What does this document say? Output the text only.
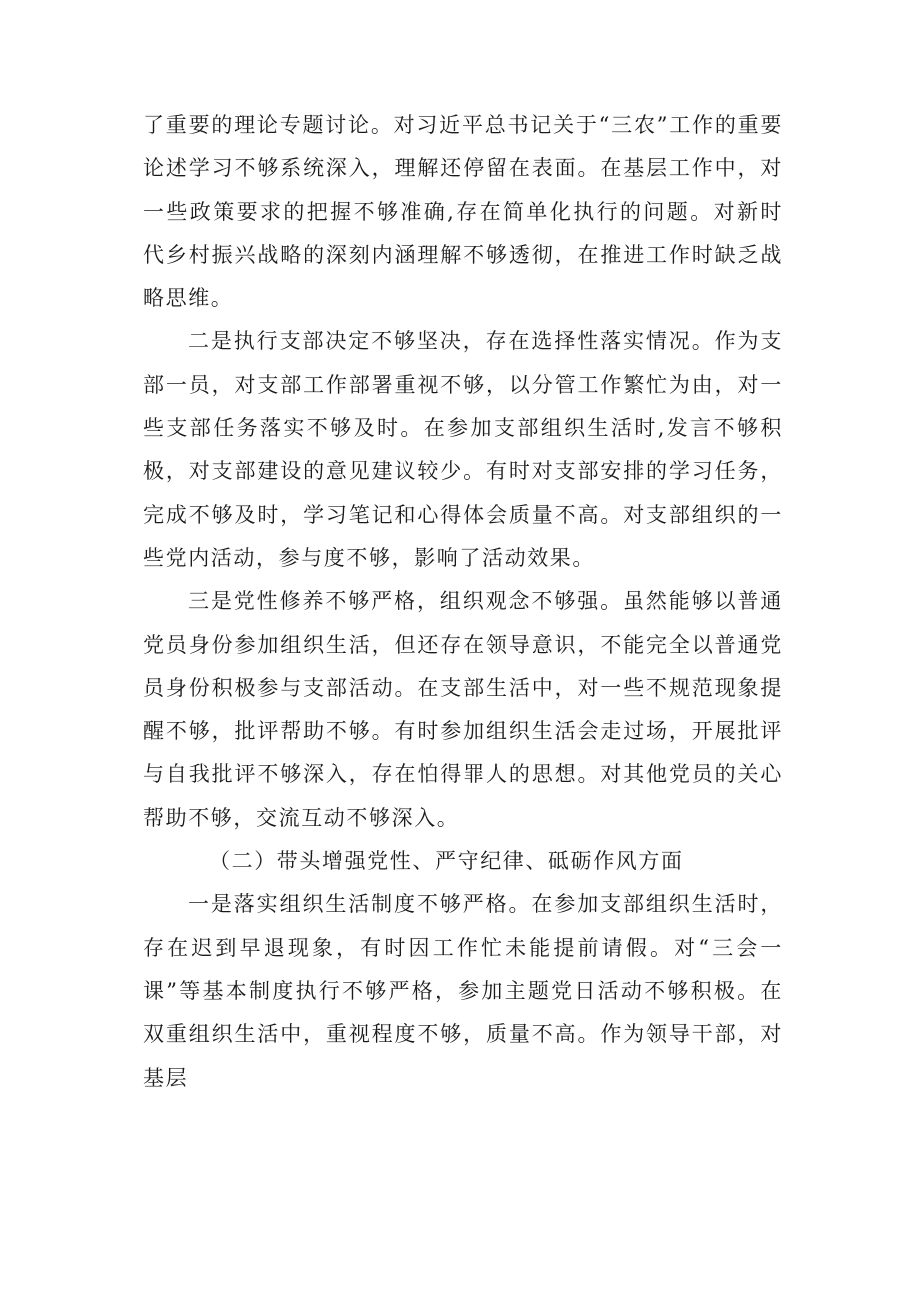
了重要的理论专题讨论。对习近平总书记关于“三农”工作的重要论述学习不够系统深入，理解还停留在表面。在基层工作中，对一些政策要求的把握不够准确,存在简单化执行的问题。对新时代乡村振兴战略的深刻内涵理解不够透彻，在推进工作时缺乏战略思维。

二是执行支部决定不够坚决，存在选择性落实情况。作为支部一员，对支部工作部署重视不够，以分管工作繁忙为由，对一些支部任务落实不够及时。在参加支部组织生活时,发言不够积极，对支部建设的意见建议较少。有时对支部安排的学习任务，完成不够及时，学习笔记和心得体会质量不高。对支部组织的一些党内活动，参与度不够，影响了活动效果。

三是党性修养不够严格，组织观念不够强。虽然能够以普通党员身份参加组织生活，但还存在领导意识，不能完全以普通党员身份积极参与支部活动。在支部生活中，对一些不规范现象提醒不够，批评帮助不够。有时参加组织生活会走过场，开展批评与自我批评不够深入，存在怕得罪人的思想。对其他党员的关心帮助不够，交流互动不够深入。

（二）带头增强党性、严守纪律、砥砺作风方面

一是落实组织生活制度不够严格。在参加支部组织生活时，存在迟到早退现象，有时因工作忙未能提前请假。对“三会一课”等基本制度执行不够严格，参加主题党日活动不够积极。在双重组织生活中，重视程度不够，质量不高。作为领导干部，对基层
